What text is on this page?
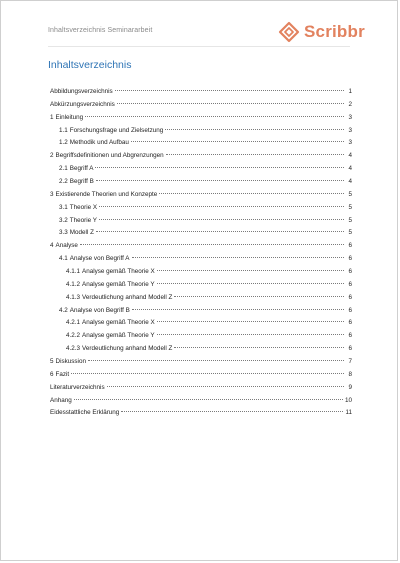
Inhaltsverzeichnis Seminararbeit	Scribbr
Inhaltsverzeichnis
Abbildungsverzeichnis	1
Abkürzungsverzeichnis	2
1 Einleitung	3
1.1 Forschungsfrage und Zielsetzung	3
1.2 Methodik und Aufbau	3
2 Begriffsdefinitionen und Abgrenzungen	4
2.1 Begriff A	4
2.2 Begriff B	4
3 Existierende Theorien und Konzepte	5
3.1 Theorie X	5
3.2 Theorie Y	5
3.3 Modell Z	5
4 Analyse	6
4.1 Analyse von Begriff A	6
4.1.1 Analyse gemäß Theorie X	6
4.1.2 Analyse gemäß Theorie Y	6
4.1.3 Verdeutlichung anhand Modell Z	6
4.2 Analyse von Begriff B	6
4.2.1 Analyse gemäß Theorie X	6
4.2.2 Analyse gemäß Theorie Y	6
4.2.3 Verdeutlichung anhand Modell Z	6
5 Diskussion	7
6 Fazit	8
Literaturverzeichnis	9
Anhang	10
Eidesstattliche Erklärung	11
